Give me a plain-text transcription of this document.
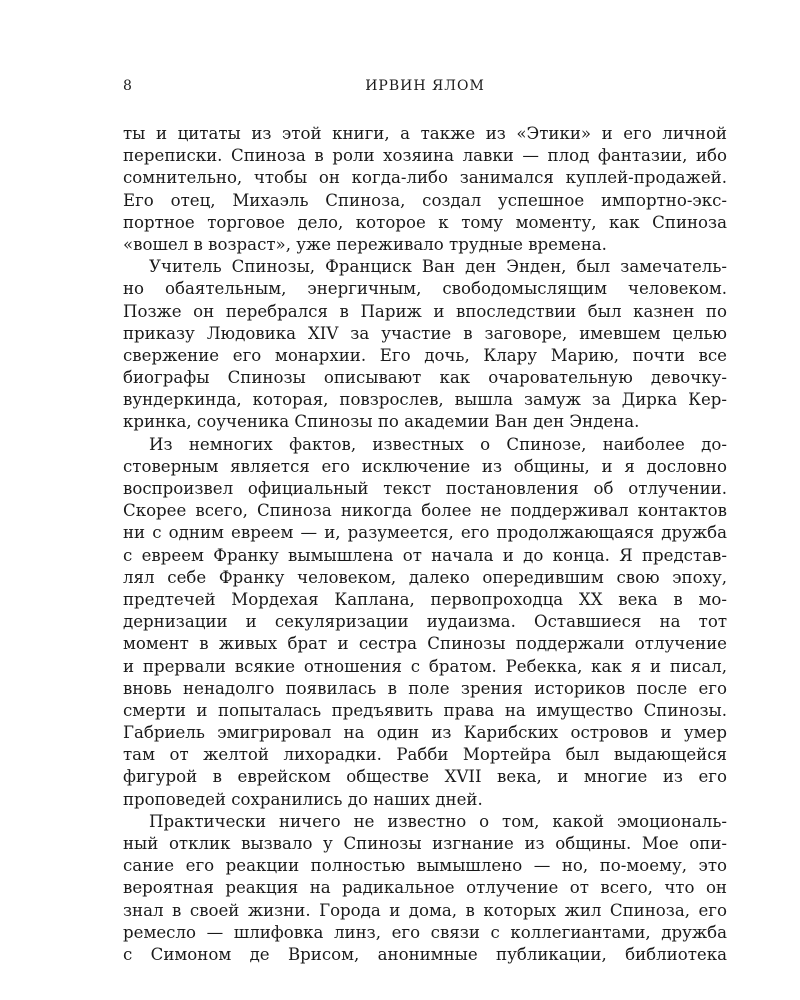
8	ИРВИН ЯЛОМ
ты и цитаты из этой книги, а также из «Этики» и его личной
переписки. Спиноза в роли хозяина лавки — плод фантазии, ибо
сомнительно, чтобы он когда-либо занимался куплей-продажей.
Его отец, Михаэль Спиноза, создал успешное импортно-экс-
портное торговое дело, которое к тому моменту, как Спиноза
«вошел в возраст», уже переживало трудные времена.
Учитель Спинозы, Франциск Ван ден Энден, был замечатель-
но обаятельным, энергичным, свободомыслящим человеком.
Позже он перебрался в Париж и впоследствии был казнен по
приказу Людовика XIV за участие в заговоре, имевшем целью
свержение его монархии. Его дочь, Клару Марию, почти все
биографы Спинозы описывают как очаровательную девочку-
вундеркинда, которая, повзрослев, вышла замуж за Дирка Кер-
кринка, соученика Спинозы по академии Ван ден Эндена.
Из немногих фактов, известных о Спинозе, наиболее до-
стоверным является его исключение из общины, и я дословно
воспроизвел официальный текст постановления об отлучении.
Скорее всего, Спиноза никогда более не поддерживал контактов
ни с одним евреем — и, разумеется, его продолжающаяся дружба
с евреем Франку вымышлена от начала и до конца. Я представ-
лял себе Франку человеком, далеко опередившим свою эпоху,
предтечей Мордехая Каплана, первопроходца XX века в мо-
дернизации и секуляризации иудаизма. Оставшиеся на тот
момент в живых брат и сестра Спинозы поддержали отлучение
и прервали всякие отношения с братом. Ребекка, как я и писал,
вновь ненадолго появилась в поле зрения историков после его
смерти и попыталась предъявить права на имущество Спинозы.
Габриель эмигрировал на один из Карибских островов и умер
там от желтой лихорадки. Рабби Мортейра был выдающейся
фигурой в еврейском обществе XVII века, и многие из его
проповедей сохранились до наших дней.
Практически ничего не известно о том, какой эмоциональ-
ный отклик вызвало у Спинозы изгнание из общины. Мое опи-
сание его реакции полностью вымышлено — но, по-моему, это
вероятная реакция на радикальное отлучение от всего, что он
знал в своей жизни. Города и дома, в которых жил Спиноза, его
ремесло — шлифовка линз, его связи с коллегиантами, дружба
с Симоном де Врисом, анонимные публикации, библиотека
